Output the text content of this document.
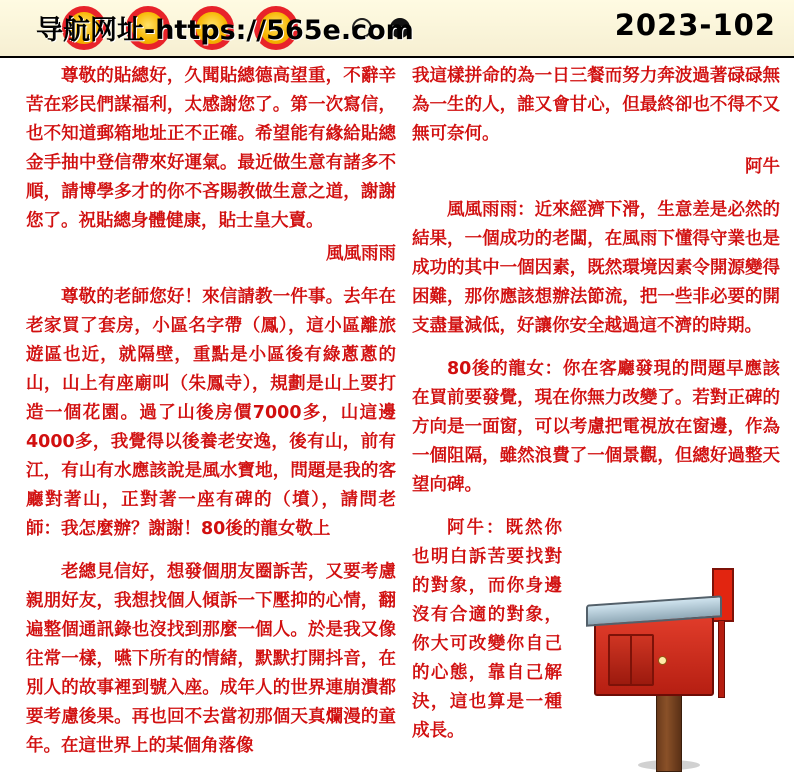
导航网址-https://565e.com	2023-102

尊敬的貼總好，久聞貼總德高望重，不辭辛苦在彩民們謀福利，太感謝您了。第一次寫信，也不知道郵箱地址正不正確。希望能有緣給貼總金手抽中登信帶來好運氣。最近做生意有諸多不順，請博學多才的你不吝賜教做生意之道，謝謝您了。祝貼總身體健康，貼士皇大賣。

風風雨雨

尊敬的老師您好！來信請教一件事。去年在老家買了套房，小區名字帶（鳳），這小區離旅遊區也近，就隔壁，重點是小區後有綠蔥蔥的山，山上有座廟叫（朱鳳寺），規劃是山上要打造一個花園。過了山後房價7000多，山這邊4000多，我覺得以後養老安逸，後有山，前有江，有山有水應該說是風水寶地，問題是我的客廳對著山，正對著一座有碑的（墳），請問老師：我怎麼辦？謝謝！80後的龍女敬上

老總見信好，想發個朋友圈訴苦，又要考慮親朋好友，我想找個人傾訴一下壓抑的心情，翻遍整個通訊錄也沒找到那麼一個人。於是我又像往常一樣，嚥下所有的情緒，默默打開抖音，在別人的故事裡到號入座。成年人的世界連崩潰都要考慮後果。再也回不去當初那個天真爛漫的童年。在這世界上的某個角落像

我這樣拼命的為一日三餐而努力奔波過著碌碌無為一生的人，誰又會甘心，但最終卻也不得不又無可奈何。

阿牛

風風雨雨：近來經濟下滑，生意差是必然的結果，一個成功的老闆，在風雨下懂得守業也是成功的其中一個因素，既然環境因素令開源變得困難，那你應該想辦法節流，把一些非必要的開支盡量減低，好讓你安全越過這不濟的時期。

80後的龍女：你在客廳發現的問題早應該在買前要發覺，現在你無力改變了。若對正碑的方向是一面窗，可以考慮把電視放在窗邊，作為一個阻隔，雖然浪費了一個景觀，但總好過整天望向碑。

阿牛：既然你也明白訴苦要找對的對象，而你身邊沒有合適的對象，你大可改變你自己的心態，靠自己解決，這也算是一種成長。
